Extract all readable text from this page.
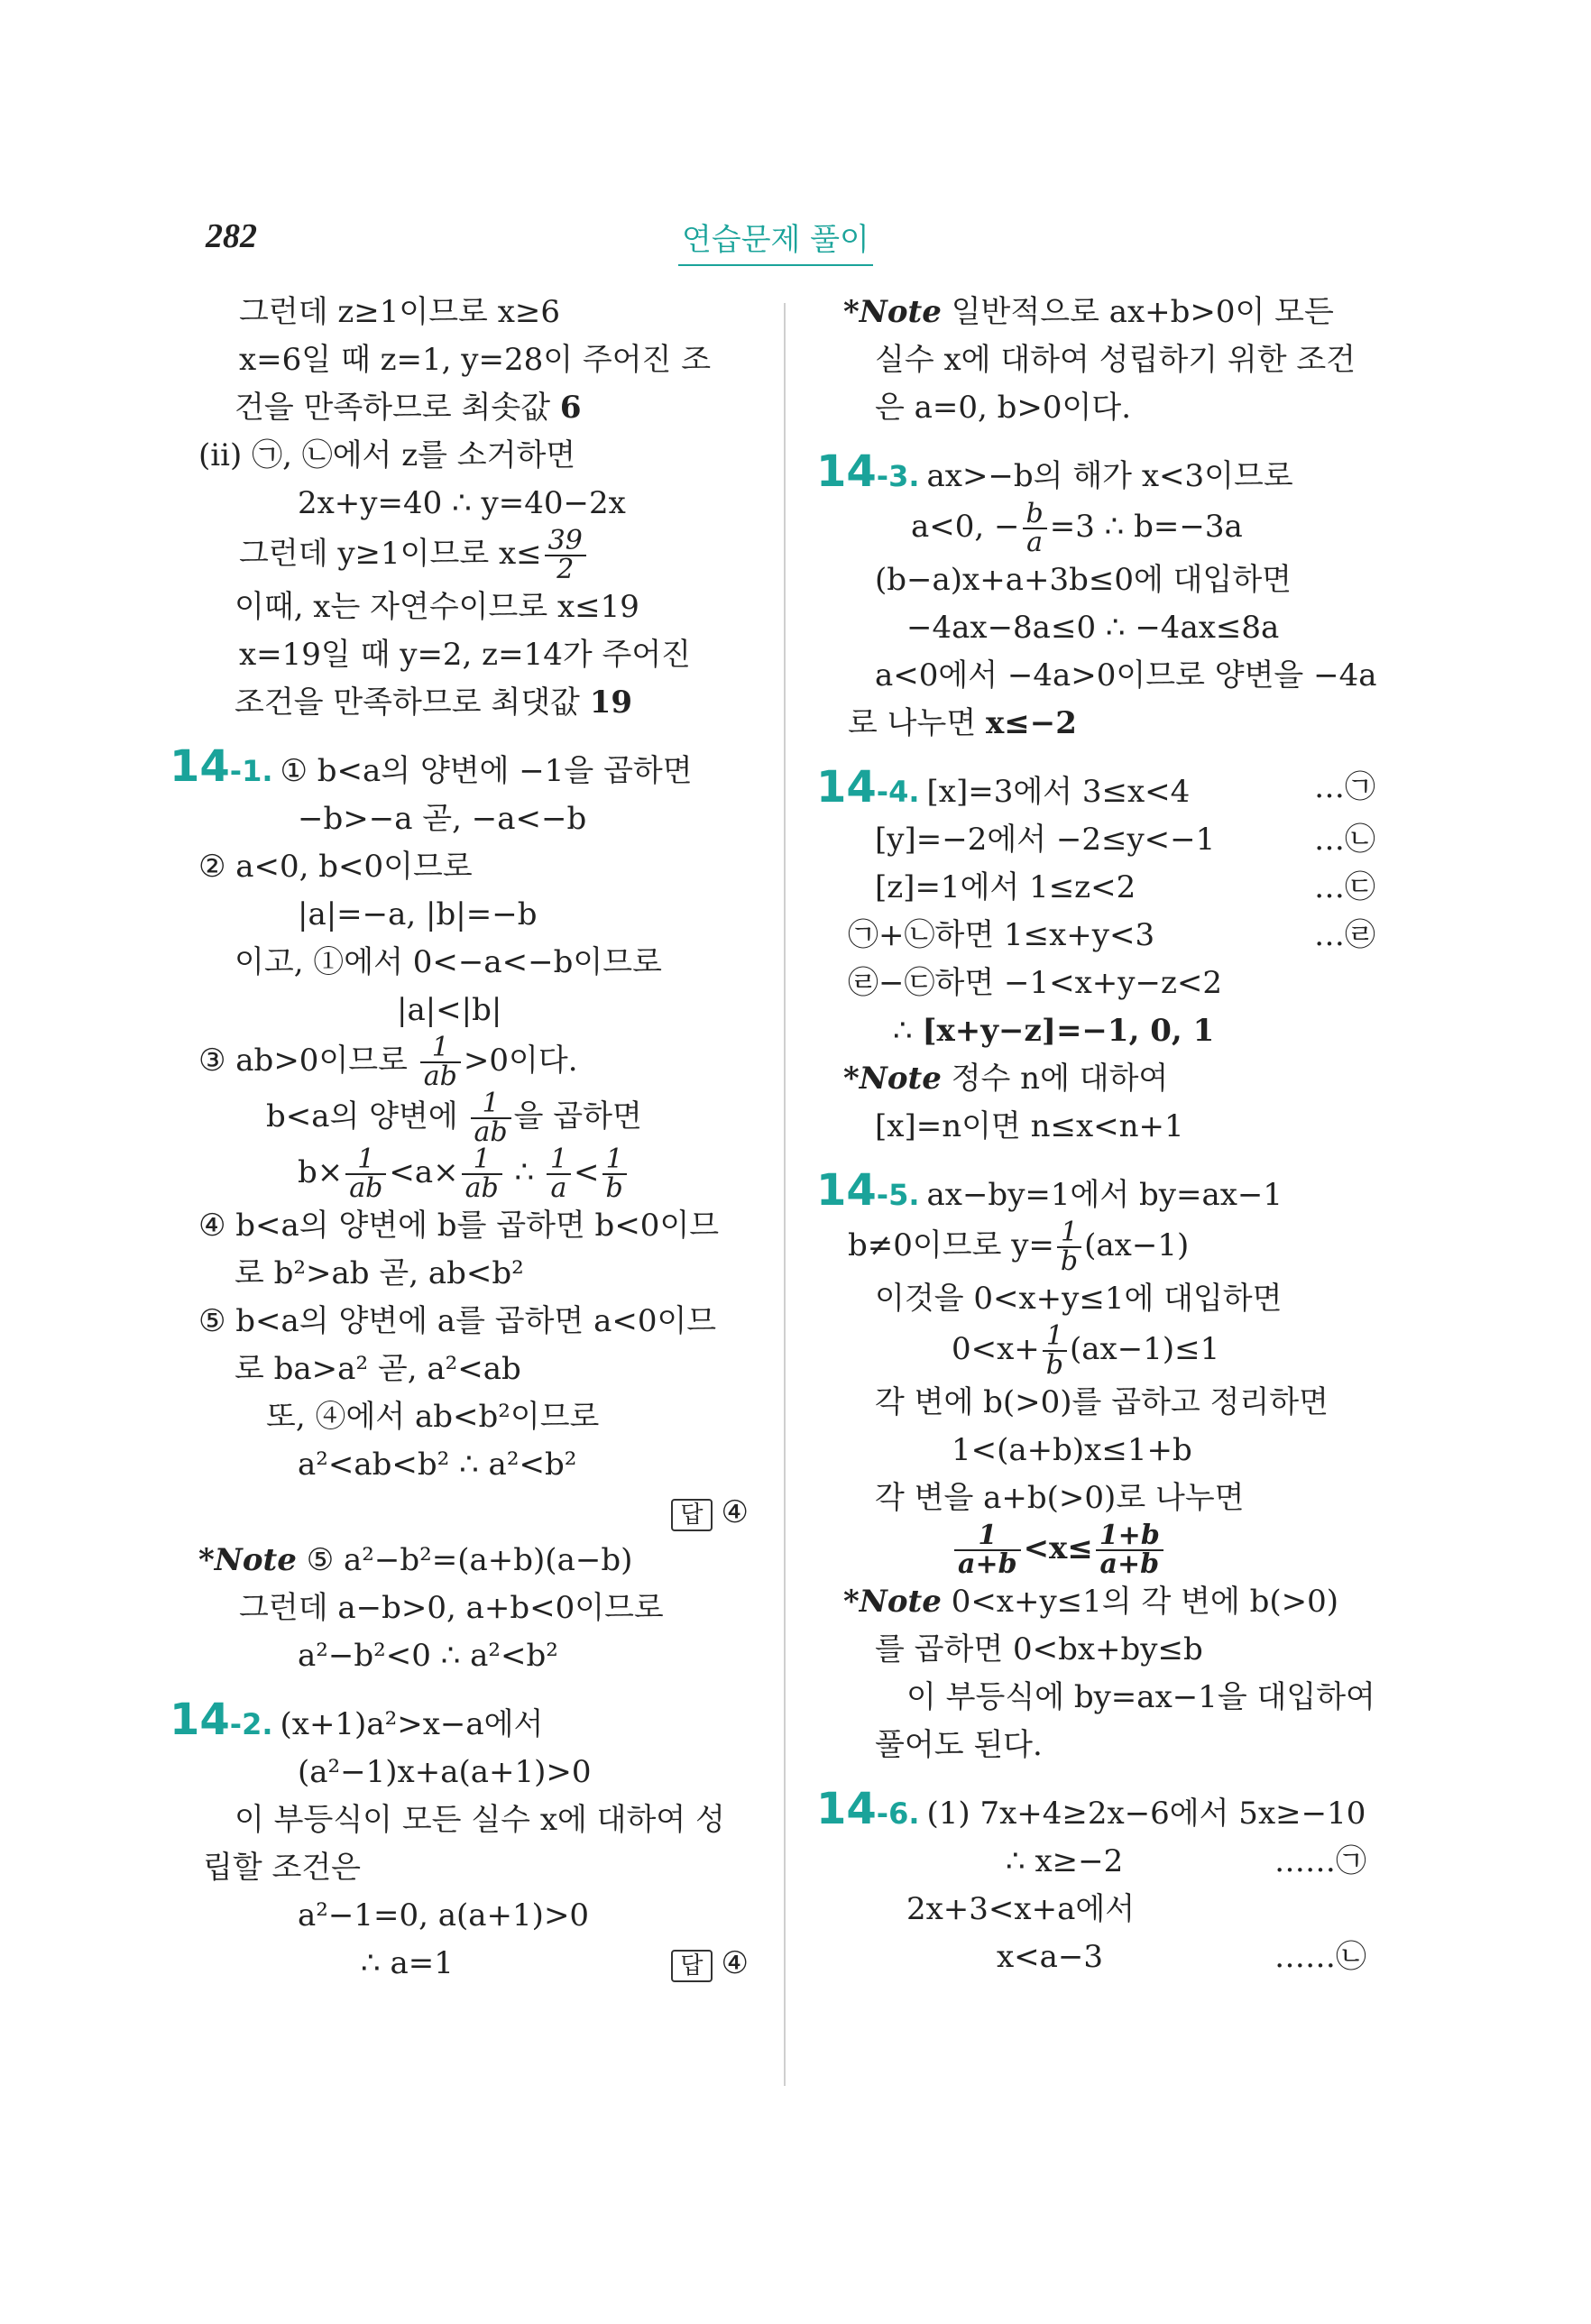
282	연습문제 풀이
그런데 z≥1이므로 x≥6
x=6일 때 z=1, y=28이 주어진 조
건을 만족하므로 최솟값 6
(ii) ㉠, ㉡에서 z를 소거하면
2x+y=40 ∴ y=40−2x
그런데 y≥1이므로 $x\le \frac{39}{2}$
이때, x는 자연수이므로 x≤19
x=19일 때 y=2, z=14가 주어진
조건을 만족하므로 최댓값 19
14-1. ① b<a의 양변에 −1을 곱하면
−b>−a 곧, −a<−b
② a<0, b<0이므로
|a|=−a, |b|=−b
이고, ①에서 0<−a<−b이므로
|a|<|b|
③ ab>0이므로 $\frac{1}{ab} >0$이다.
b<a의 양변에 $\frac{1}{ab}$ 을 곱하면
$b\times \frac{1}{ab} <a\times \frac{1}{ab}$ ∴ $\frac{1}{a} < \frac{1}{b}$
④ b<a의 양변에 b를 곱하면 b<0이므
로 b²>ab 곧, ab<b²
⑤ b<a의 양변에 a를 곱하면 a<0이므
로 ba>a² 곧, a²<ab
또, ④에서 ab<b²이므로
a²<ab<b² ∴ a²<b²
답 ④
*Note ⑤ a²−b²=(a+b)(a−b)
그런데 a−b>0, a+b<0이므로
a²−b²<0 ∴ a²<b²
14-2. (x+1)a²>x−a에서
(a²−1)x+a(a+1)>0
이 부등식이 모든 실수 x에 대하여 성
립할 조건은
a²−1=0, a(a+1)>0
∴ a=1	답 ④
*Note 일반적으로 ax+b>0이 모든
실수 x에 대하여 성립하기 위한 조건
은 a=0, b>0이다.
14-3. ax>−b의 해가 x<3이므로
a<0, − $\frac{b}{a} =3$ ∴ b=−3a
(b−a)x+a+3b≤0에 대입하면
−4ax−8a≤0 ∴ −4ax≤8a
a<0에서 −4a>0이므로 양변을 −4a
로 나누면 x≤−2
14-4. [x]=3에서 3≤x<4	…㉠
[y]=−2에서 −2≤y<−1	…㉡
[z]=1에서 1≤z<2	…㉢
㉠+㉡하면 1≤x+y<3	…㉣
㉣−㉢하면 −1<x+y−z<2
∴ [x+y−z]=−1, 0, 1
*Note 정수 n에 대하여
[x]=n이면 n≤x<n+1
14-5. ax−by=1에서 by=ax−1
b≠0이므로 $y= \frac{1}{b} (ax-1)$
이것을 0<x+y≤1에 대입하면
$0<x+ \frac{1}{b} (ax-1)\le 1$
각 변에 b(>0)를 곱하고 정리하면
1<(a+b)x≤1+b
각 변을 a+b(>0)로 나누면
$\frac{1}{a+b} <x\le \frac{1+b}{a+b}$
*Note 0<x+y≤1의 각 변에 b(>0)
를 곱하면 0<bx+by≤b
이 부등식에 by=ax−1을 대입하여
풀어도 된다.
14-6. (1) 7x+4≥2x−6에서 5x≥−10
∴ x≥−2	……㉠
2x+3<x+a에서
x<a−3	……㉡
